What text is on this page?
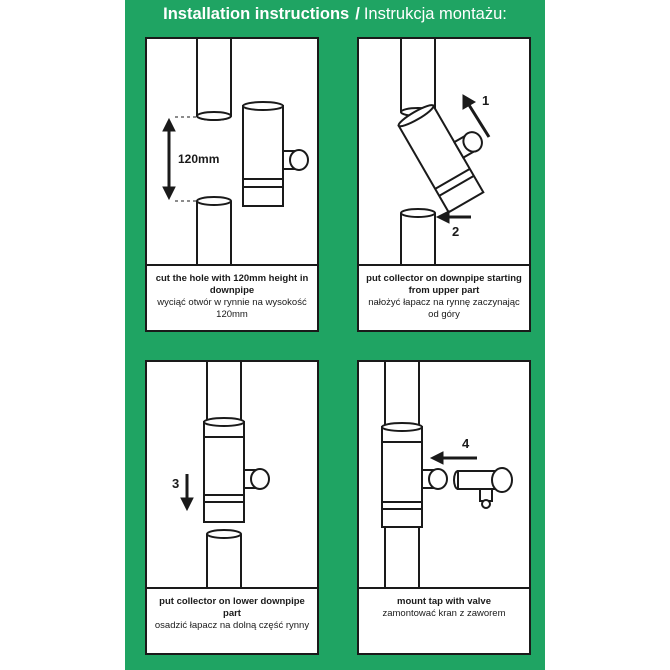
Installation instructions / Instrukcja montażu:
120mm
cut the hole with 120mm height in downpipe
wyciąć otwór w rynnie na wysokość 120mm
1
2
put collector on downpipe starting from upper part
nałożyć łapacz na rynnę zaczynając od góry
3
put collector on lower downpipe part
osadzić łapacz na dolną część rynny
4
mount tap with valve
zamontować kran z zaworem
